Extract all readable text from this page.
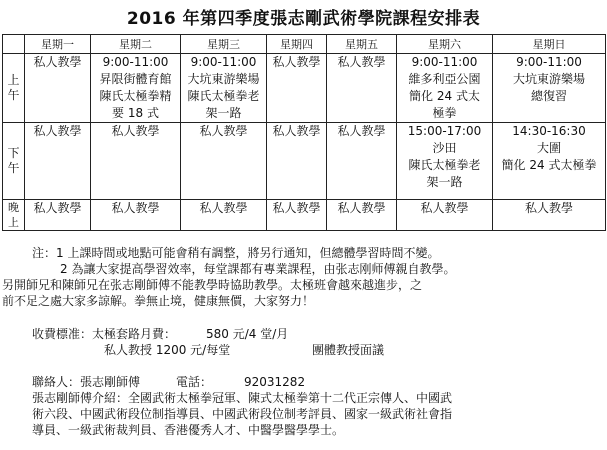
2016 年第四季度張志剛武術學院課程安排表
	星期一	星期二	星期三	星期四	星期五	星期六	星期日
上
午	私人教學	9:00-11:00
昇限街體育館
陳氏太極拳精
要 18 式	9:00-11:00
大坑東游樂場
陳氏太極拳老
架一路	私人教學	私人教學	9:00-11:00
維多利亞公園
簡化 24 式太
極拳	9:00-11:00
大坑東游樂場
總復習

下
午	私人教學	私人教學	私人教學	私人教學	私人教學	15:00-17:00
沙田
陳氏太極拳老
架一路	14:30-16:30
大圍
簡化 24 式太極拳

晚
上	私人教學	私人教學	私人教學	私人教學	私人教學	私人教學	私人教學

注：1 上課時間或地點可能會稍有調整，將另行通知，但總體學習時間不變。

2 為讓大家提高學習效率，每堂課都有專業課程，由张志刚师傅親自教學。

另開師兄和陳師兄在张志剛師傅不能教學時協助教學。太極班會越來越進步，之
前不足之處大家多諒解。拳無止境，健康無價，大家努力！
收費標准：太極套路月費： 580 元/4 堂/月
私人教授 1200 元/每堂	團體教授面議
聯絡人：張志剛師傅	電話：	92031282
張志剛師傅介紹：全國武術太極拳冠軍、陳式太極拳第十二代正宗傳人、中國武
術六段、中國武術段位制指導員、中國武術段位制考評員、國家一級武術社會指
導員、一級武術裁判員、香港優秀人才、中醫學醫學學士。
